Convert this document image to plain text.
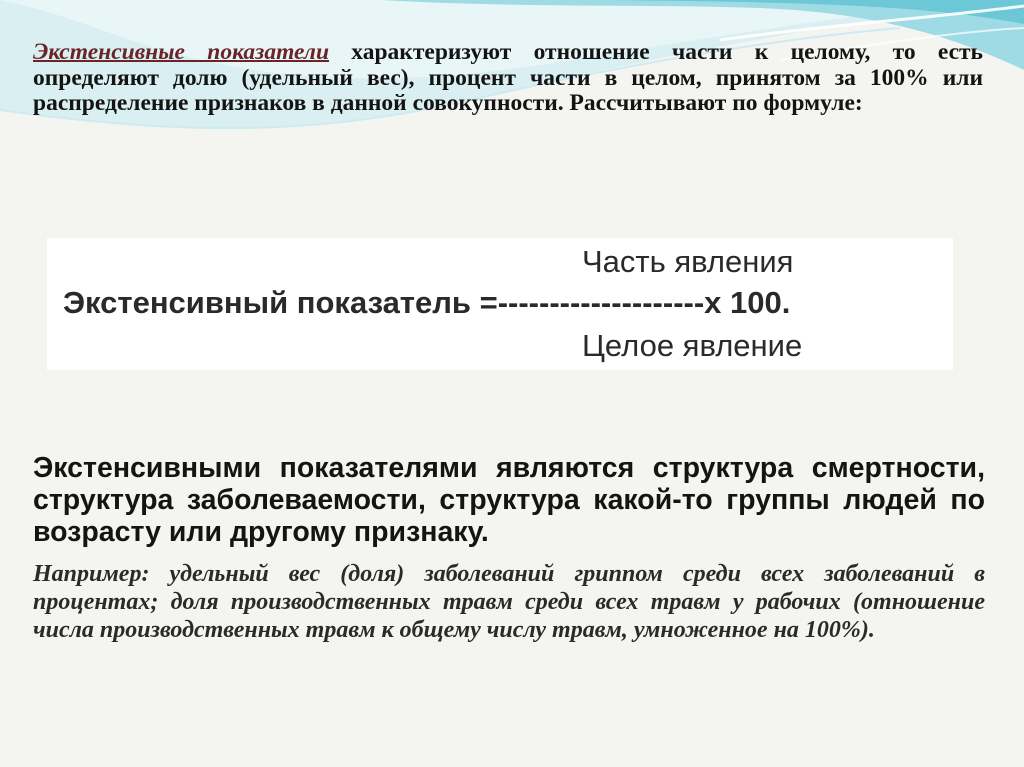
Экстенсивные показатели характеризуют отношение части к целому, то есть определяют долю (удельный вес), процент части в целом, принятом за 100% или распределение признаков в данной совокупности. Рассчитывают по формуле:

Часть явления
Экстенсивный показатель =--------------------х 100.
Целое явление

Экстенсивными показателями являются структура смертности, структура заболеваемости, структура какой-то группы людей по возрасту или другому признаку.

Например: удельный вес (доля) заболеваний гриппом среди всех заболеваний в процентах; доля производственных травм среди всех травм у рабочих (отношение числа производственных травм к общему числу травм, умноженное на 100%).
